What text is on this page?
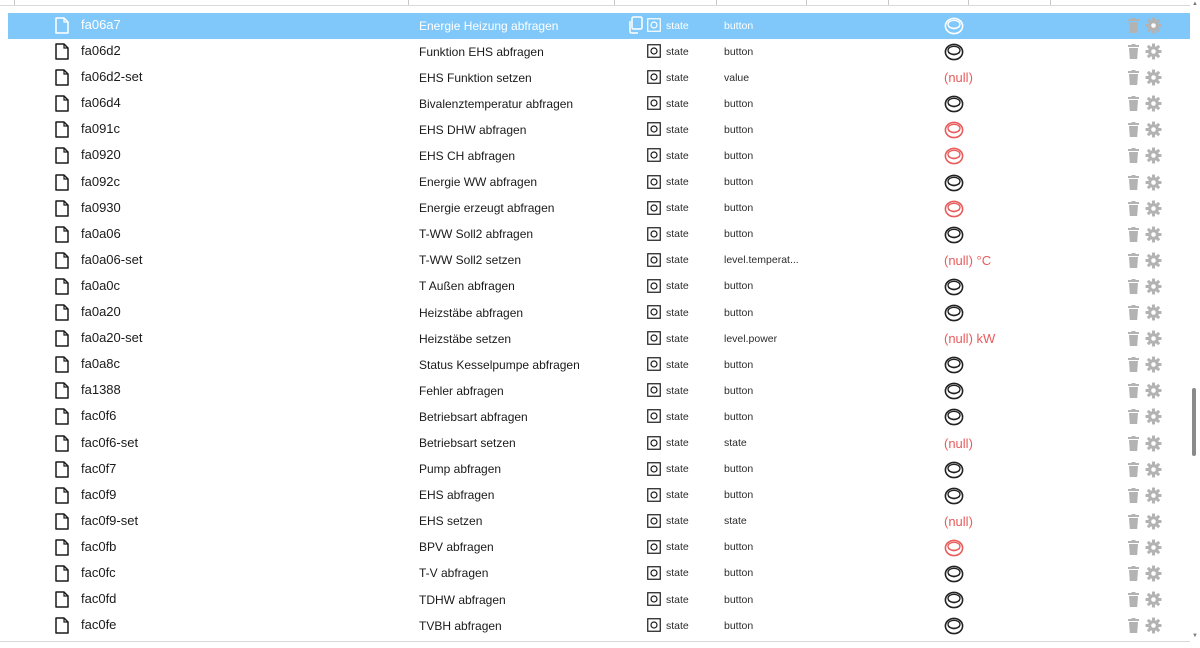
fa06a7	Energie Heizung abfragen	state	button
fa06d2	Funktion EHS abfragen	state	button
fa06d2-set	EHS Funktion setzen	state	value	(null)
fa06d4	Bivalenztemperatur abfragen	state	button
fa091c	EHS DHW abfragen	state	button
fa0920	EHS CH abfragen	state	button
fa092c	Energie WW abfragen	state	button
fa0930	Energie erzeugt abfragen	state	button
fa0a06	T-WW Soll2 abfragen	state	button
fa0a06-set	T-WW Soll2 setzen	state	level.temperat...	(null) °C
fa0a0c	T Außen abfragen	state	button
fa0a20	Heizstäbe abfragen	state	button
fa0a20-set	Heizstäbe setzen	state	level.power	(null) kW
fa0a8c	Status Kesselpumpe abfragen	state	button
fa1388	Fehler abfragen	state	button
fac0f6	Betriebsart abfragen	state	button
fac0f6-set	Betriebsart setzen	state	state	(null)
fac0f7	Pump abfragen	state	button
fac0f9	EHS abfragen	state	button
fac0f9-set	EHS setzen	state	state	(null)
fac0fb	BPV abfragen	state	button
fac0fc	T-V abfragen	state	button
fac0fd	TDHW abfragen	state	button
fac0fe	TVBH abfragen	state	button
▲
▼
